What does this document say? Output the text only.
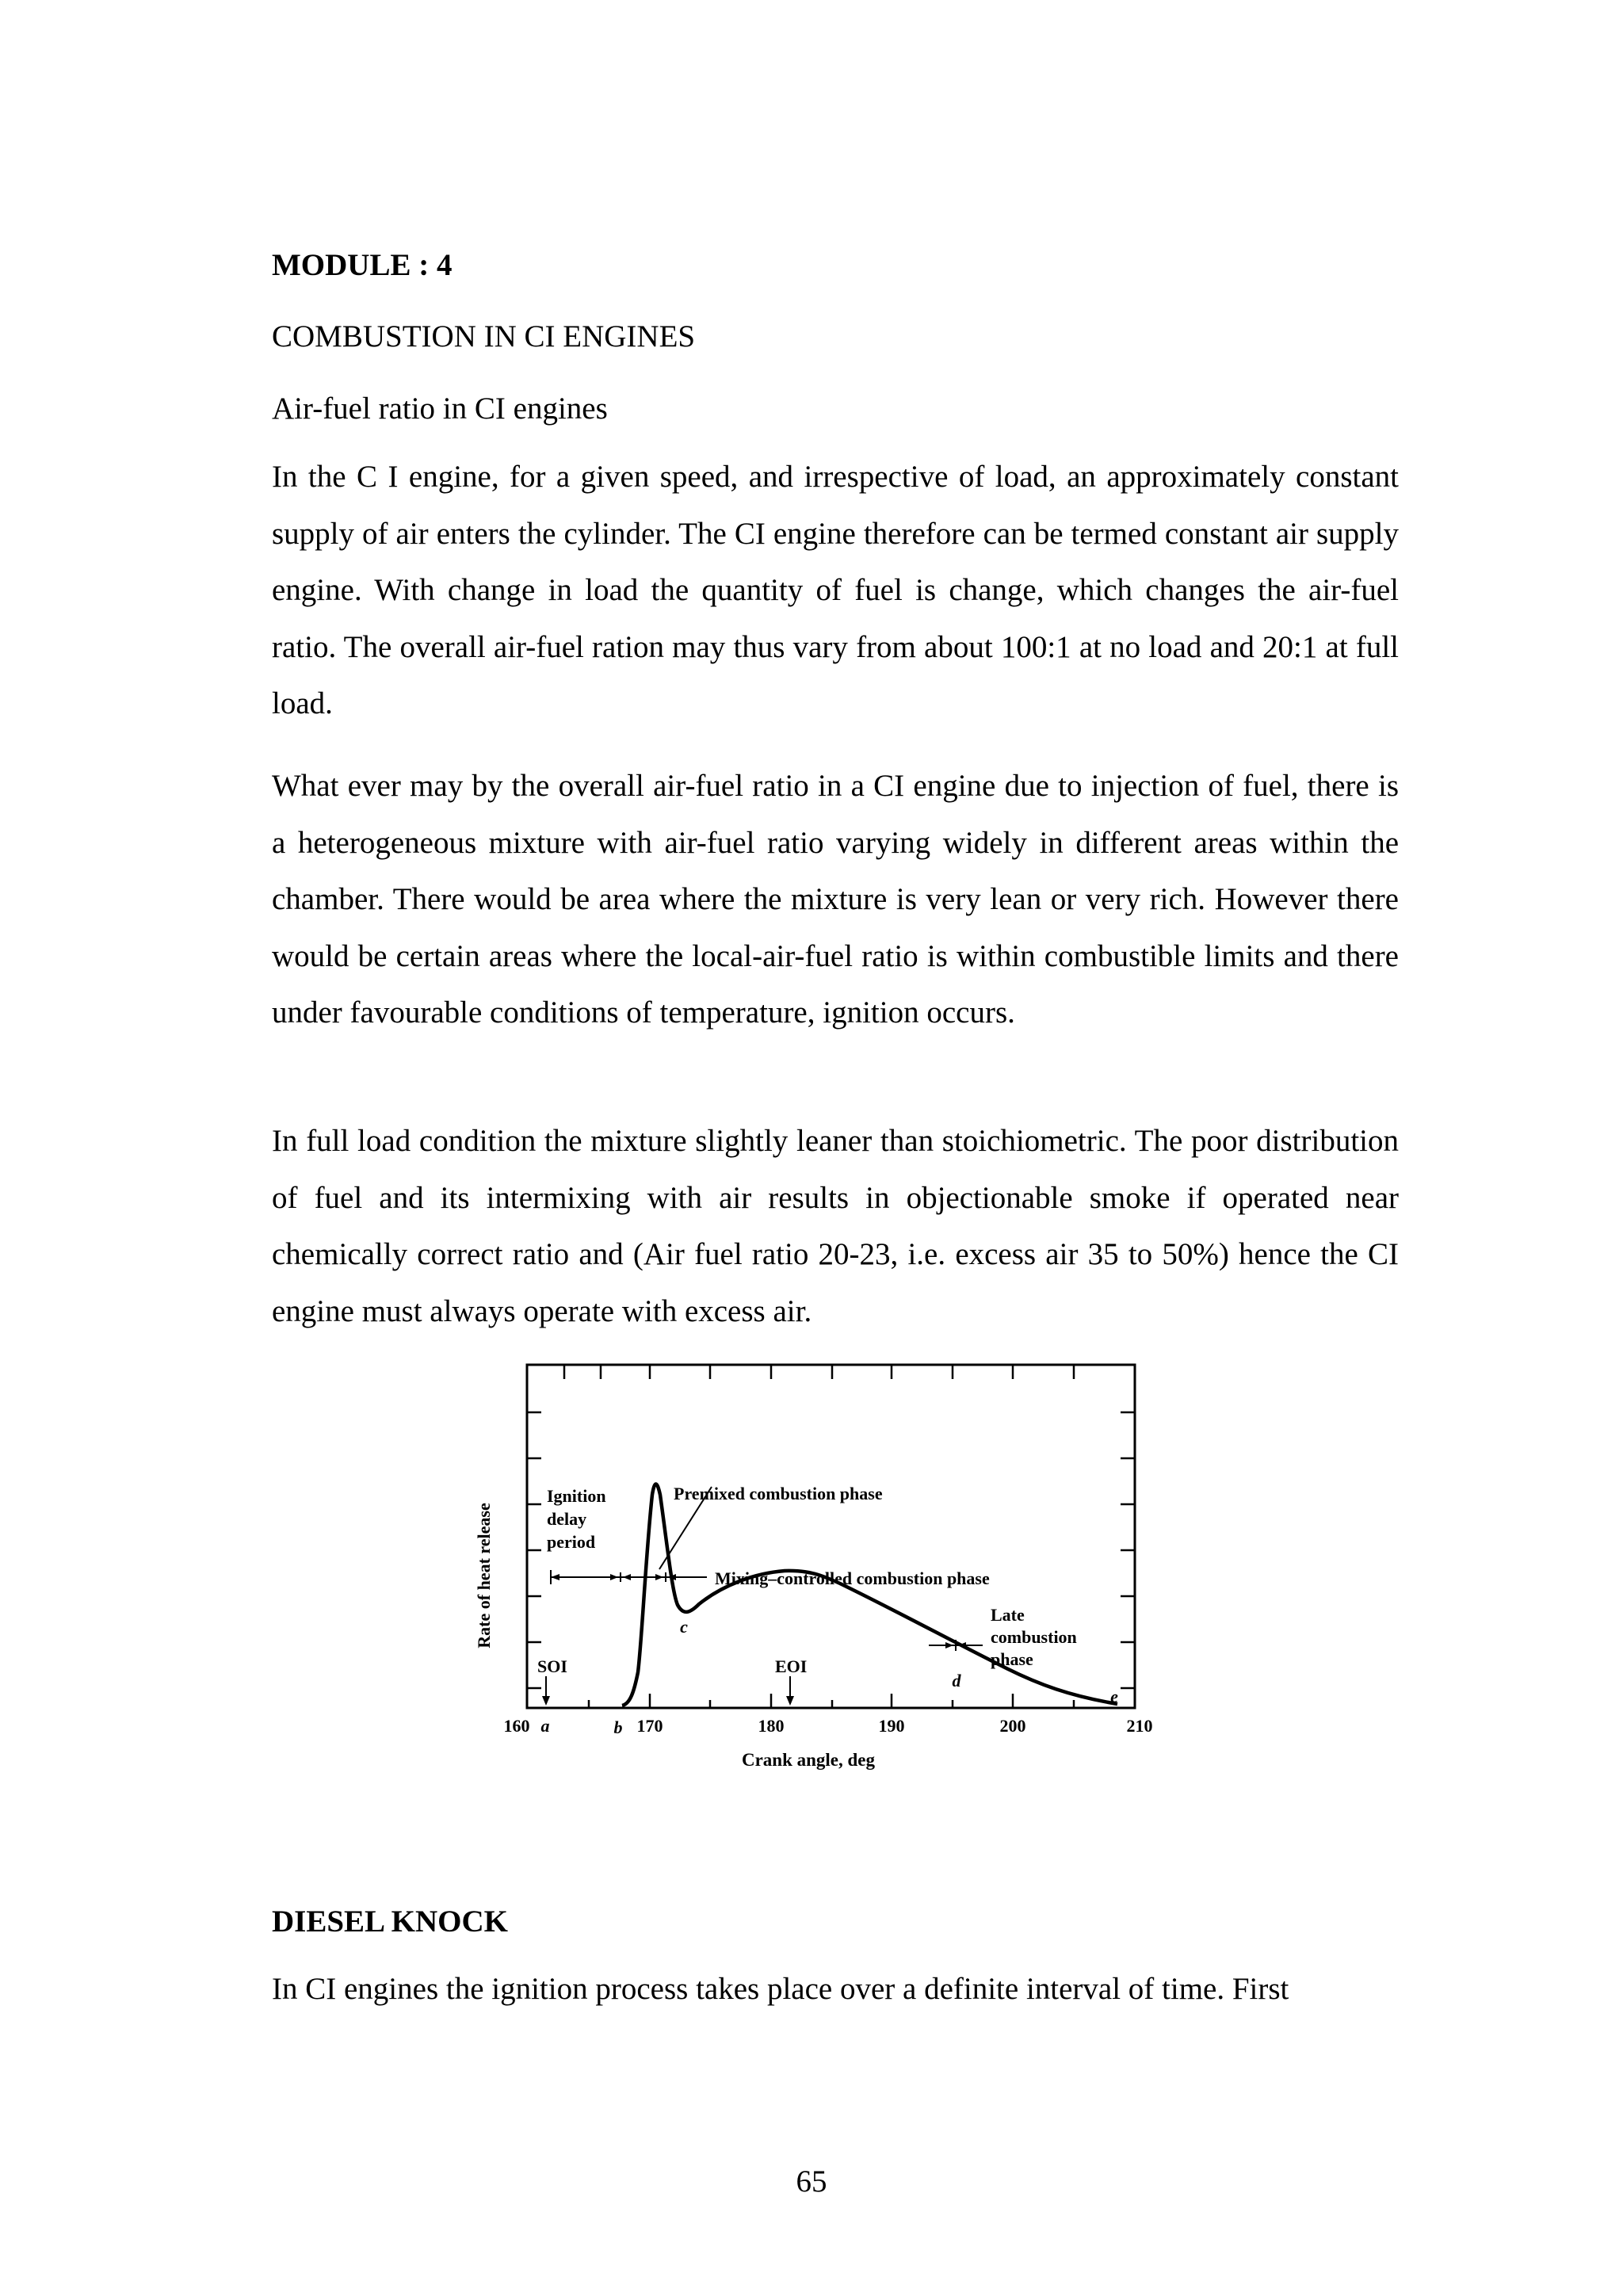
MODULE : 4

COMBUSTION IN CI ENGINES

Air-fuel ratio in CI engines

In the C I engine, for a given speed, and irrespective of load, an approximately constant supply of air enters the cylinder. The CI engine therefore can be termed constant air supply engine. With change in load the quantity of fuel is change, which changes the air-fuel ratio. The overall air-fuel ration may thus vary from about 100:1 at no load and 20:1 at full load.

What ever may by the overall air-fuel ratio in a CI engine due to injection of fuel, there is a heterogeneous mixture with air-fuel ratio varying widely in different areas within the chamber. There would be area where the mixture is very lean or very rich. However there would be certain areas where the local-air-fuel ratio is within combustible limits and there under favourable conditions of temperature, ignition occurs.

In full load condition the mixture slightly leaner than stoichiometric. The poor distribution of fuel and its intermixing with air results in objectionable smoke if operated near chemically correct ratio and (Air fuel ratio 20-23, i.e. excess air 35 to 50%) hence the CI engine must always operate with excess air.

Rate of heat release
Crank angle, deg
Ignition
delay
period
Premixed combustion phase
Mixing–controlled combustion phase
Late
combustion
phase
SOI	EOI
160	170	180	190	200	210
a	b
c
d
e

DIESEL KNOCK

In CI engines the ignition process takes place over a definite interval of time. First

65
